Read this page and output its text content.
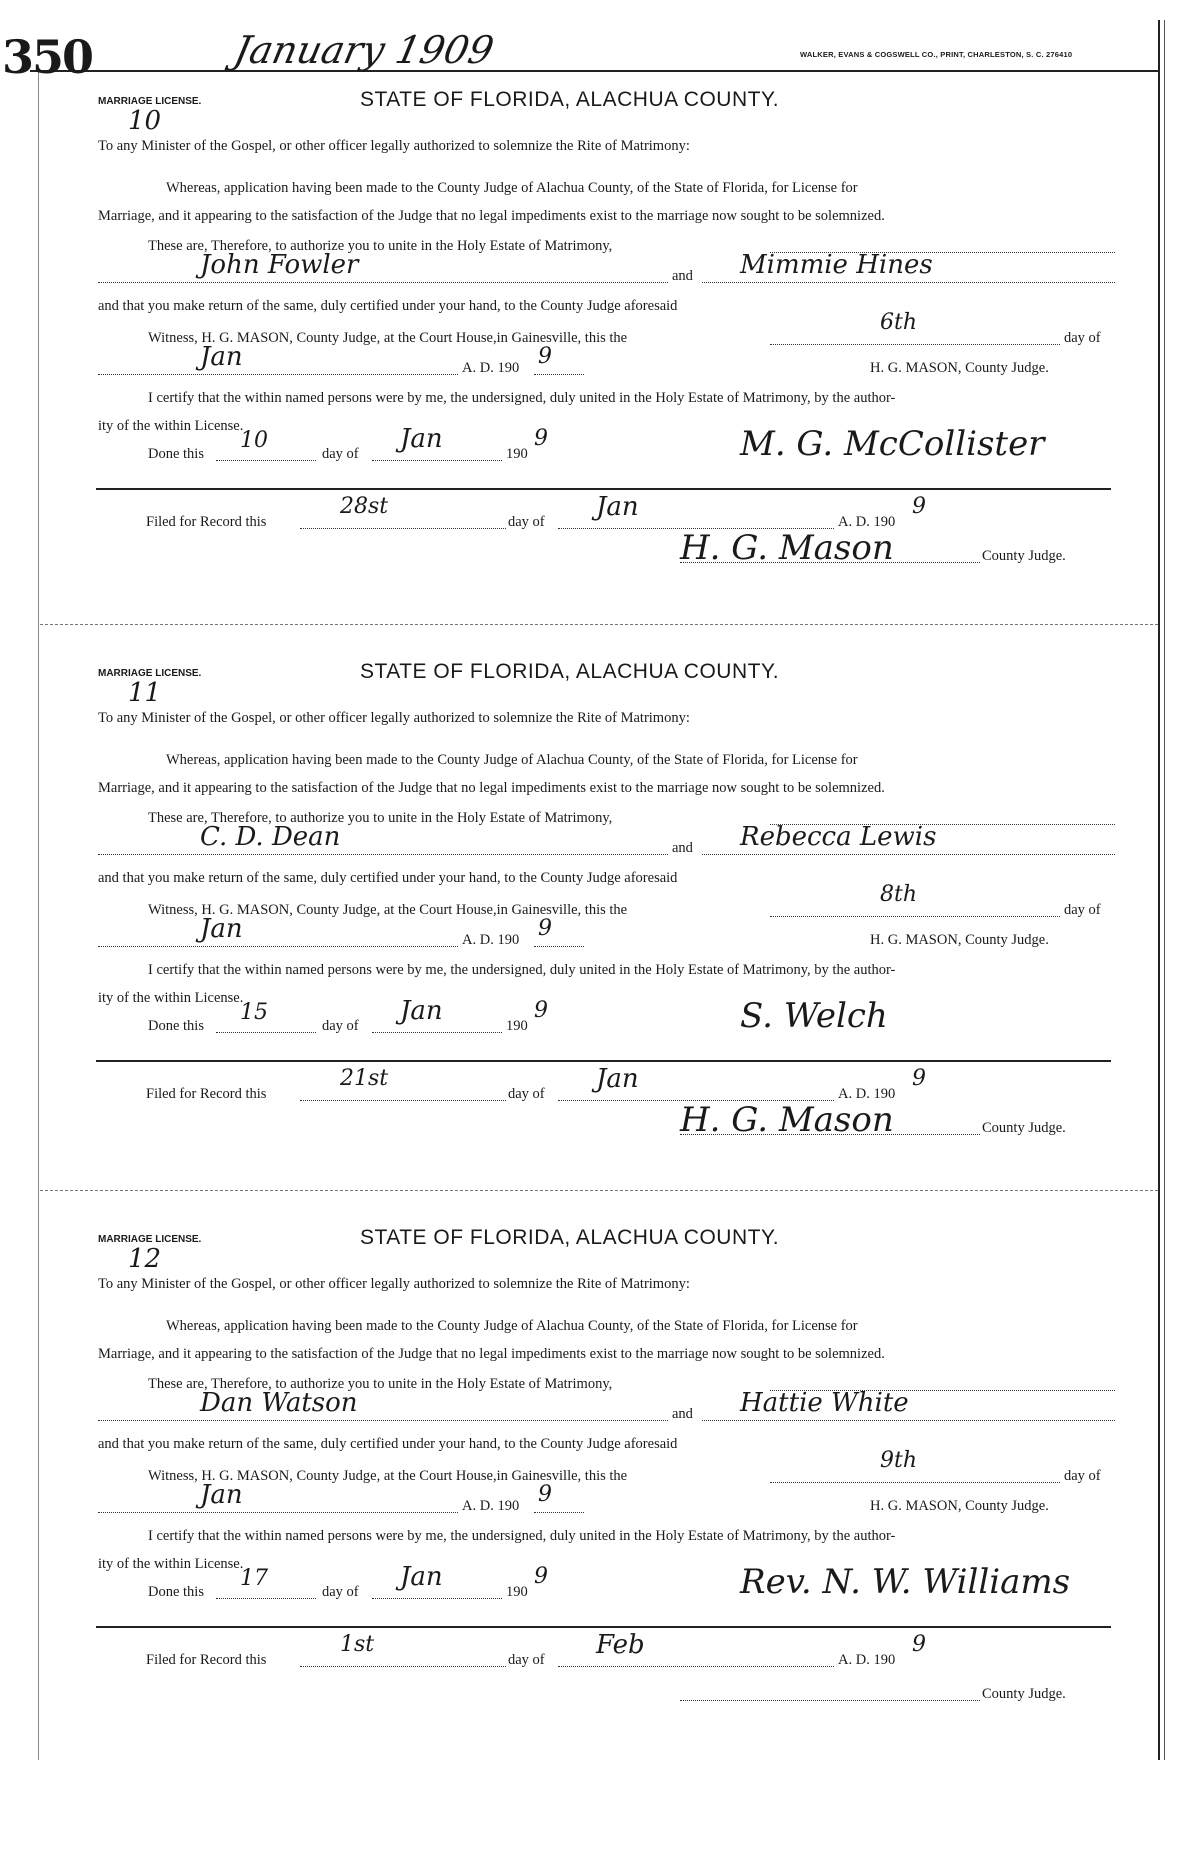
350	January 1909	WALKER, EVANS & COGSWELL CO., PRINT, CHARLESTON, S. C. 276410
MARRIAGE LICENSE.
10
STATE OF FLORIDA, ALACHUA COUNTY.
To any Minister of the Gospel, or other officer legally authorized to solemnize the Rite of Matrimony:
Whereas, application having been made to the County Judge of Alachua County, of the State of Florida, for License for
Marriage, and it appearing to the satisfaction of the Judge that no legal impediments exist to the marriage now sought to be solemnized.
These are, Therefore, to authorize you to unite in the Holy Estate of Matrimony,
John Fowler	and Mimmie Hines
and that you make return of the same, duly certified under your hand, to the County Judge aforesaid
Witness, H. G. MASON, County Judge, at the Court House,in Gainesville, this the
6th
day of
Jan	A. D. 190 9	H. G. MASON, County Judge.
I certify that the within named persons were by me, the undersigned, duly united in the Holy Estate of Matrimony, by the author-
ity of the within License.
Done this
10
day of Jan	190
9	M. G. McCollister
Filed for Record this
28st
day of Jan	A. D. 190
9
H. G. Mason	County Judge.
MARRIAGE LICENSE.
11
STATE OF FLORIDA, ALACHUA COUNTY.
To any Minister of the Gospel, or other officer legally authorized to solemnize the Rite of Matrimony:
Whereas, application having been made to the County Judge of Alachua County, of the State of Florida, for License for
Marriage, and it appearing to the satisfaction of the Judge that no legal impediments exist to the marriage now sought to be solemnized.
These are, Therefore, to authorize you to unite in the Holy Estate of Matrimony,
C. D. Dean	and Rebecca Lewis
and that you make return of the same, duly certified under your hand, to the County Judge aforesaid
Witness, H. G. MASON, County Judge, at the Court House,in Gainesville, this the
8th
day of
Jan	A. D. 190 9	H. G. MASON, County Judge.
I certify that the within named persons were by me, the undersigned, duly united in the Holy Estate of Matrimony, by the author-
ity of the within License.
Done this
15
day of Jan	190
9	S. Welch
Filed for Record this
21st
day of Jan	A. D. 190
9
H. G. Mason	County Judge.
MARRIAGE LICENSE.
12
STATE OF FLORIDA, ALACHUA COUNTY.
To any Minister of the Gospel, or other officer legally authorized to solemnize the Rite of Matrimony:
Whereas, application having been made to the County Judge of Alachua County, of the State of Florida, for License for
Marriage, and it appearing to the satisfaction of the Judge that no legal impediments exist to the marriage now sought to be solemnized.
These are, Therefore, to authorize you to unite in the Holy Estate of Matrimony,
Dan Watson	and Hattie White
and that you make return of the same, duly certified under your hand, to the County Judge aforesaid
Witness, H. G. MASON, County Judge, at the Court House,in Gainesville, this the
9th
day of
Jan	A. D. 190 9	H. G. MASON, County Judge.
I certify that the within named persons were by me, the undersigned, duly united in the Holy Estate of Matrimony, by the author-
ity of the within License.
Done this
17
day of Jan	190
9	Rev. N. W. Williams
Filed for Record this
1st
day of Feb	A. D. 190
9
County Judge.
